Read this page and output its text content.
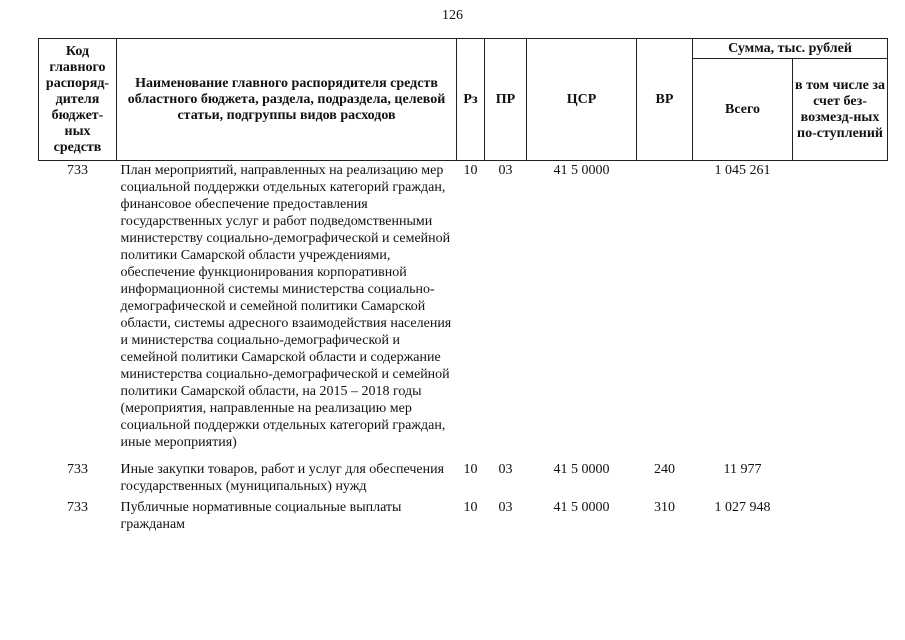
126
Код главного распоряд-дителя бюджет-ных средств	Наименование главного распорядителя средств областного бюджета, раздела, подраздела, целевой статьи, подгруппы видов расходов	Рз	ПР	ЦСР	ВР	Сумма, тыс. рублей	
						Всего	в том числе за счет без-возмезд-ных по-ступлений
733	План мероприятий, направленных на реализацию мер социальной поддержки отдельных категорий граждан, финансовое обеспечение предоставления государственных услуг и работ подведомственными министерству социально-демографической и семейной политики Самарской области учреждениями, обеспечение функционирования корпоративной информационной системы министерства социально-демографической и семейной политики Самарской области, системы адресного взаимодействия населения и министерства социально-демографической и семейной политики Самарской области и содержание министерства социально-демографической и семейной политики Самарской области, на 2015 – 2018 годы (мероприятия, направленные на реализацию мер социальной поддержки отдельных категорий граждан, иные мероприятия)	10	03	41 5 0000		1 045 261	
733	Иные закупки товаров, работ и услуг для обеспечения государственных (муниципальных) нужд	10	03	41 5 0000	240	11 977	
733	Публичные нормативные социальные выплаты гражданам	10	03	41 5 0000	310	1 027 948	
